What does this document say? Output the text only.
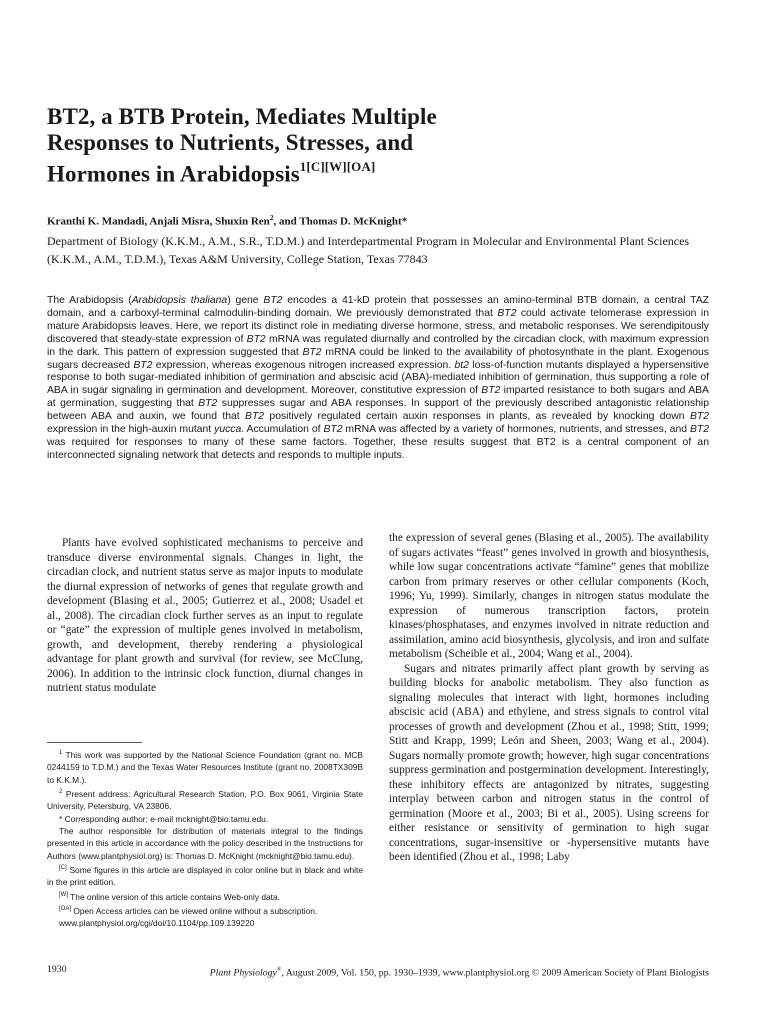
BT2, a BTB Protein, Mediates Multiple
Responses to Nutrients, Stresses, and
Hormones in Arabidopsis$^{1[C][W][OA]}$
Kranthi K. Mandadi, Anjali Misra, Shuxin Ren$^2$, and Thomas D. McKnight*
Department of Biology (K.K.M., A.M., S.R., T.D.M.) and Interdepartmental Program in Molecular and Environmental Plant Sciences (K.K.M., A.M., T.D.M.), Texas A&M University, College Station, Texas 77843
The Arabidopsis (Arabidopsis thaliana) gene BT2 encodes a 41-kD protein that possesses an amino-terminal BTB domain, a central TAZ domain, and a carboxyl-terminal calmodulin-binding domain. We previously demonstrated that BT2 could activate telomerase expression in mature Arabidopsis leaves. Here, we report its distinct role in mediating diverse hormone, stress, and metabolic responses. We serendipitously discovered that steady-state expression of BT2 mRNA was regulated diurnally and controlled by the circadian clock, with maximum expression in the dark. This pattern of expression suggested that BT2 mRNA could be linked to the availability of photosynthate in the plant. Exogenous sugars decreased BT2 expression, whereas exogenous nitrogen increased expression. bt2 loss-of-function mutants displayed a hypersensitive response to both sugar-mediated inhibition of germination and abscisic acid (ABA)-mediated inhibition of germination, thus supporting a role of ABA in sugar signaling in germination and development. Moreover, constitutive expression of BT2 imparted resistance to both sugars and ABA at germination, suggesting that BT2 suppresses sugar and ABA responses. In support of the previously described antagonistic relationship between ABA and auxin, we found that BT2 positively regulated certain auxin responses in plants, as revealed by knocking down BT2 expression in the high-auxin mutant yucca. Accumulation of BT2 mRNA was affected by a variety of hormones, nutrients, and stresses, and BT2 was required for responses to many of these same factors. Together, these results suggest that BT2 is a central component of an interconnected signaling network that detects and responds to multiple inputs.

Plants have evolved sophisticated mechanisms to perceive and transduce diverse environmental signals. Changes in light, the circadian clock, and nutrient status serve as major inputs to modulate the diurnal expression of networks of genes that regulate growth and development (Blasing et al., 2005; Gutierrez et al., 2008; Usadel et al., 2008). The circadian clock further serves as an input to regulate or “gate” the expression of multiple genes involved in metabolism, growth, and development, thereby rendering a physiological advantage for plant growth and survival (for review, see McClung, 2006). In addition to the intrinsic clock function, diurnal changes in nutrient status modulate

the expression of several genes (Blasing et al., 2005). The availability of sugars activates “feast” genes involved in growth and biosynthesis, while low sugar concentrations activate “famine” genes that mobilize carbon from primary reserves or other cellular components (Koch, 1996; Yu, 1999). Similarly, changes in nitrogen status modulate the expression of numerous transcription factors, protein kinases/phosphatases, and enzymes involved in nitrate reduction and assimilation, amino acid biosynthesis, glycolysis, and iron and sulfate metabolism (Scheible et al., 2004; Wang et al., 2004).

Sugars and nitrates primarily affect plant growth by serving as building blocks for anabolic metabolism. They also function as signaling molecules that interact with light, hormones including abscisic acid (ABA) and ethylene, and stress signals to control vital processes of growth and development (Zhou et al., 1998; Stitt, 1999; Stitt and Krapp, 1999; León and Sheen, 2003; Wang et al., 2004). Sugars normally promote growth; however, high sugar concentrations suppress germination and postgermination development. Interestingly, these inhibitory effects are antagonized by nitrates, suggesting interplay between carbon and nitrogen status in the control of germination (Moore et al., 2003; Bi et al., 2005). Using screens for either resistance or sensitivity of germination to high sugar concentrations, sugar-insensitive or -hypersensitive mutants have been identified (Zhou et al., 1998; Laby

$^1$ This work was supported by the National Science Foundation (grant no. MCB 0244159 to T.D.M.) and the Texas Water Resources Institute (grant no. 2008TX309B to K.K.M.).

$^2$ Present address: Agricultural Research Station, P.O. Box 9061, Virginia State University, Petersburg, VA 23806.

* Corresponding author; e-mail mcknight@bio.tamu.edu.

The author responsible for distribution of materials integral to the findings presented in this article in accordance with the policy described in the Instructions for Authors (www.plantphysiol.org) is: Thomas D. McKnight (mcknight@bio.tamu.edu).

[C] Some figures in this article are displayed in color online but in black and white in the print edition.

[W] The online version of this article contains Web-only data.

[OA] Open Access articles can be viewed online without a subscription.

www.plantphysiol.org/cgi/doi/10.1104/pp.109.139220

1930	Plant Physiology®, August 2009, Vol. 150, pp. 1930–1939, www.plantphysiol.org © 2009 American Society of Plant Biologists
